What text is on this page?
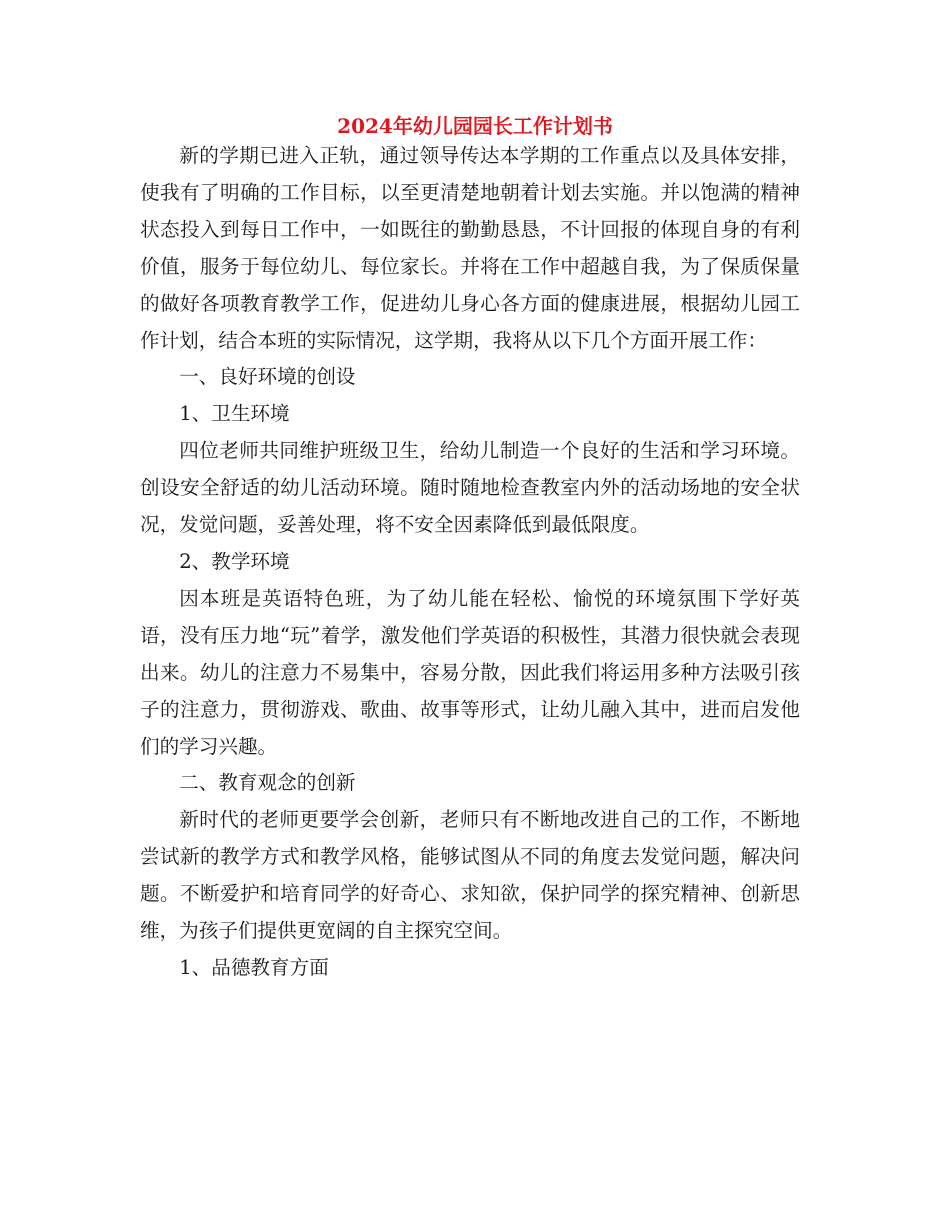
2024年幼儿园园长工作计划书

新的学期已进入正轨，通过领导传达本学期的工作重点以及具体安排，使我有了明确的工作目标，以至更清楚地朝着计划去实施。并以饱满的精神状态投入到每日工作中，一如既往的勤勤恳恳，不计回报的体现自身的有利价值，服务于每位幼儿、每位家长。并将在工作中超越自我，为了保质保量的做好各项教育教学工作，促进幼儿身心各方面的健康进展，根据幼儿园工作计划，结合本班的实际情况，这学期，我将从以下几个方面开展工作：

一、良好环境的创设

1、卫生环境

四位老师共同维护班级卫生，给幼儿制造一个良好的生活和学习环境。创设安全舒适的幼儿活动环境。随时随地检查教室内外的活动场地的安全状况，发觉问题，妥善处理，将不安全因素降低到最低限度。

2、教学环境

因本班是英语特色班，为了幼儿能在轻松、愉悦的环境氛围下学好英语，没有压力地“玩”着学，激发他们学英语的积极性，其潜力很快就会表现出来。幼儿的注意力不易集中，容易分散，因此我们将运用多种方法吸引孩子的注意力，贯彻游戏、歌曲、故事等形式，让幼儿融入其中，进而启发他们的学习兴趣。

二、教育观念的创新

新时代的老师更要学会创新，老师只有不断地改进自己的工作，不断地尝试新的教学方式和教学风格，能够试图从不同的角度去发觉问题，解决问题。不断爱护和培育同学的好奇心、求知欲，保护同学的探究精神、创新思维，为孩子们提供更宽阔的自主探究空间。

1、品德教育方面
